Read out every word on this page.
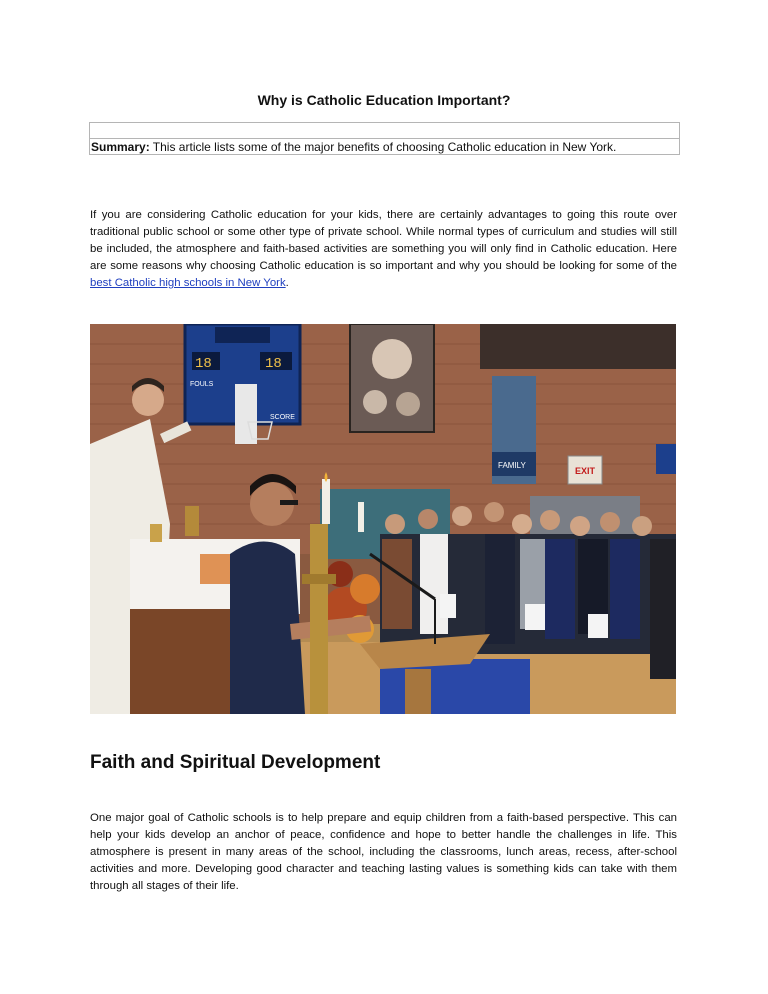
Why is Catholic Education Important?
Summary: This article lists some of the major benefits of choosing Catholic education in New York.

If you are considering Catholic education for your kids, there are certainly advantages to going this route over traditional public school or some other type of private school. While normal types of curriculum and studies will still be included, the atmosphere and faith-based activities are something you will only find in Catholic education. Here are some reasons why choosing Catholic education is so important and why you should be looking for some of the best Catholic high schools in New York.

18	18
FOULS
SCORE
FAMILY
EXIT
Faith and Spiritual Development

One major goal of Catholic schools is to help prepare and equip children from a faith-based perspective. This can help your kids develop an anchor of peace, confidence and hope to better handle the challenges in life. This atmosphere is present in many areas of the school, including the classrooms, lunch areas, recess, after-school activities and more. Developing good character and teaching lasting values is something kids can take with them through all stages of their life.
